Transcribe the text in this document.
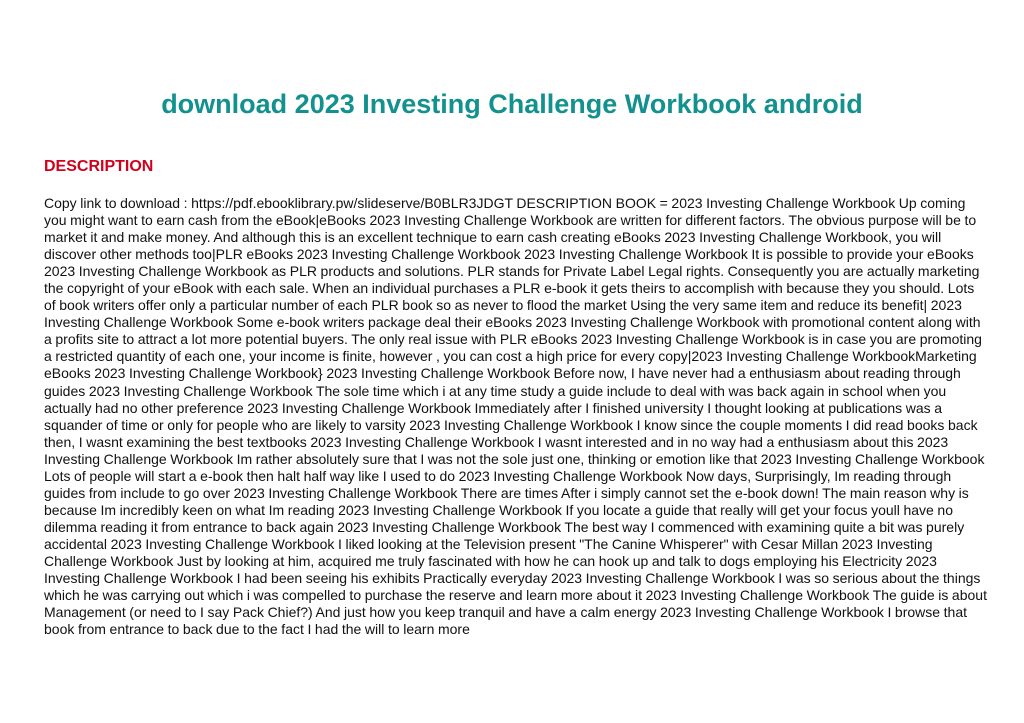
download 2023 Investing Challenge Workbook android
DESCRIPTION

Copy link to download : https://pdf.ebooklibrary.pw/slideserve/B0BLR3JDGT DESCRIPTION BOOK = 2023 Investing Challenge Workbook Up coming you might want to earn cash from the eBook|eBooks 2023 Investing Challenge Workbook are written for different factors. The obvious purpose will be to market it and make money. And although this is an excellent technique to earn cash creating eBooks 2023 Investing Challenge Workbook, you will discover other methods too|PLR eBooks 2023 Investing Challenge Workbook 2023 Investing Challenge Workbook It is possible to provide your eBooks 2023 Investing Challenge Workbook as PLR products and solutions. PLR stands for Private Label Legal rights. Consequently you are actually marketing the copyright of your eBook with each sale. When an individual purchases a PLR e-book it gets theirs to accomplish with because they you should. Lots of book writers offer only a particular number of each PLR book so as never to flood the market Using the very same item and reduce its benefit| 2023 Investing Challenge Workbook Some e-book writers package deal their eBooks 2023 Investing Challenge Workbook with promotional content along with a profits site to attract a lot more potential buyers. The only real issue with PLR eBooks 2023 Investing Challenge Workbook is in case you are promoting a restricted quantity of each one, your income is finite, however , you can cost a high price for every copy|2023 Investing Challenge WorkbookMarketing eBooks 2023 Investing Challenge Workbook} 2023 Investing Challenge Workbook Before now, I have never had a enthusiasm about reading through guides 2023 Investing Challenge Workbook The sole time which i at any time study a guide include to deal with was back again in school when you actually had no other preference 2023 Investing Challenge Workbook Immediately after I finished university I thought looking at publications was a squander of time or only for people who are likely to varsity 2023 Investing Challenge Workbook I know since the couple moments I did read books back then, I wasnt examining the best textbooks 2023 Investing Challenge Workbook I wasnt interested and in no way had a enthusiasm about this 2023 Investing Challenge Workbook Im rather absolutely sure that I was not the sole just one, thinking or emotion like that 2023 Investing Challenge Workbook Lots of people will start a e-book then halt half way like I used to do 2023 Investing Challenge Workbook Now days, Surprisingly, Im reading through guides from include to go over 2023 Investing Challenge Workbook There are times After i simply cannot set the e-book down! The main reason why is because Im incredibly keen on what Im reading 2023 Investing Challenge Workbook If you locate a guide that really will get your focus youll have no dilemma reading it from entrance to back again 2023 Investing Challenge Workbook The best way I commenced with examining quite a bit was purely accidental 2023 Investing Challenge Workbook I liked looking at the Television present "The Canine Whisperer" with Cesar Millan 2023 Investing Challenge Workbook Just by looking at him, acquired me truly fascinated with how he can hook up and talk to dogs employing his Electricity 2023 Investing Challenge Workbook I had been seeing his exhibits Practically everyday 2023 Investing Challenge Workbook I was so serious about the things which he was carrying out which i was compelled to purchase the reserve and learn more about it 2023 Investing Challenge Workbook The guide is about Management (or need to I say Pack Chief?) And just how you keep tranquil and have a calm energy 2023 Investing Challenge Workbook I browse that book from entrance to back due to the fact I had the will to learn more
